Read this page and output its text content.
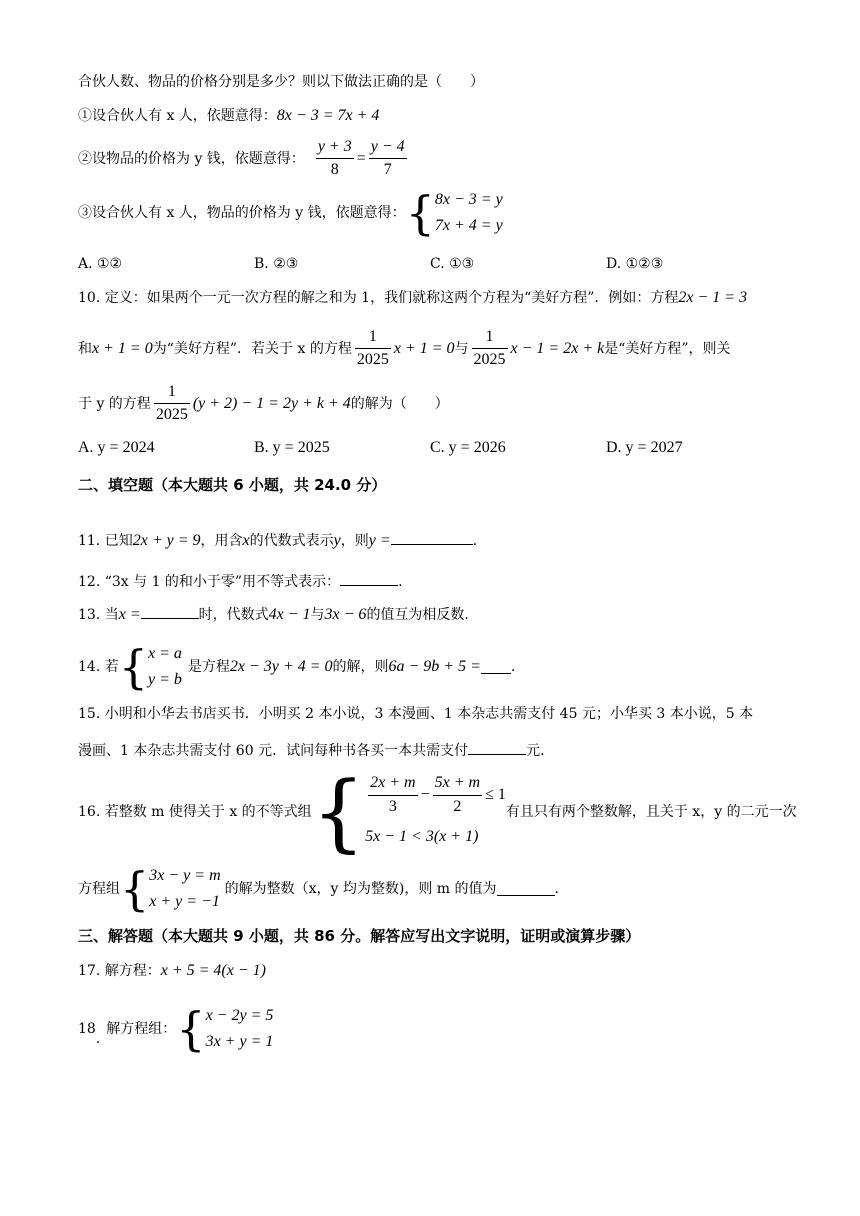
合伙人数、物品的价格分别是多少？则以下做法正确的是（　　）
①设合伙人有 x 人，依题意得：8x − 3 = 7x + 4
②设物品的价格为 y 钱，依题意得： $\frac{y + 3}{8} = \frac{y - 4}{7}$
③设合伙人有 x 人，物品的价格为 y 钱，依题意得： { 8x − 3 = y
7x + 4 = y
A. ①②	B. ②③	C. ①③	D. ①②③
10. 定义：如果两个一元一次方程的解之和为 1，我们就称这两个方程为“美好方程”．例如：方程2x − 1 = 3
和 x + 1 = 0 为“美好方程”．若关于 x 的方程 $\frac{1}{2025}$ x + 1 = 0 与 $\frac{1}{2025}$ x − 1 = 2x + k 是“美好方程”，则关
于 y 的方程 $\frac{1}{2025} (y + 2) - 1 = 2y + k + 4$ 的解为（　　）
A. y = 2024	B. y = 2025	C. y = 2026	D. y = 2027
二、填空题（本大题共 6 小题，共 24.0 分）
11. 已知2x + y = 9，用含x的代数式表示y，则y =	.
12. “3x 与 1 的和小于零”用不等式表示：	.
13. 当x =	时，代数式4x − 1与3x − 6的值互为相反数.
14. 若 { x = a
y = b
是方程 2x − 3y + 4 = 0 的解，则 6a − 9b + 5 = .
15. 小明和小华去书店买书．小明买 2 本小说，3 本漫画、1 本杂志共需支付 45 元；小华买 3 本小说，5 本
漫画、1 本杂志共需支付 60 元．试问每种书各买一本共需支付	元.
16. 若整数 m 使得关于 x 的不等式组 { $\frac{2x + m}{3} - \frac{5x + m}{2} \le 1$
5x − 1 < 3(x + 1)
有且只有两个整数解，且关于 x，y 的二元一次
方程组 { 3x − y = m
x + y = −1
的解为整数（x，y 均为整数)，则 m 的值为	.
三、解答题（本大题共 9 小题，共 86 分。解答应写出文字说明，证明或演算步骤）
17. 解方程：x + 5 = 4(x − 1)
18
.
解方程组： { x − 2y = 5
3x + y = 1
